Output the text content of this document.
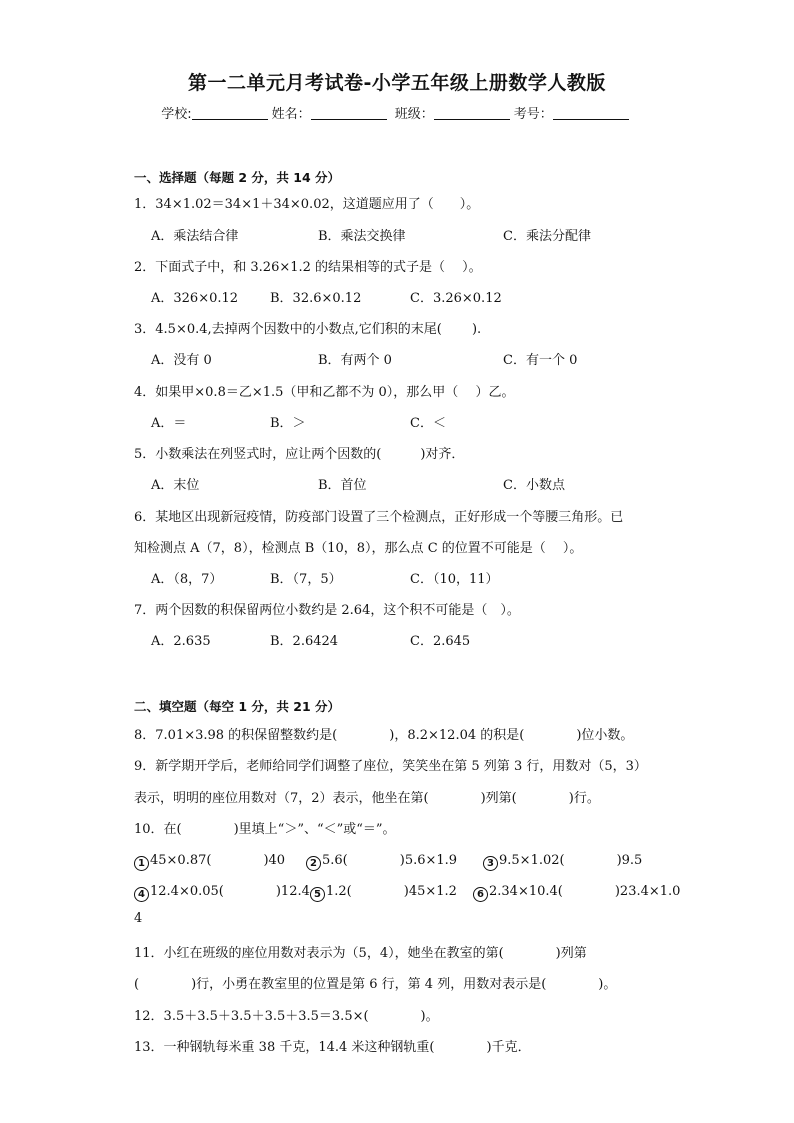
第一二单元月考试卷-小学五年级上册数学人教版
学校:	姓名：	班级：	考号：
一、选择题（每题 2 分，共 14 分）
1．34×1.02＝34×1＋34×0.02，这道题应用了（　　）。
A．乘法结合律	B．乘法交换律	C．乘法分配律
2．下面式子中，和 3.26×1.2 的结果相等的式子是（　 ）。
A．326×0.12 B．32.6×0.12	C．3.26×0.12
3．4.5×0.4,去掉两个因数中的小数点,它们积的末尾(　　 ).
A．没有 0	B．有两个 0	C．有一个 0
4．如果甲×0.8＝乙×1.5（甲和乙都不为 0），那么甲（　 ）乙。
A．＝	B．＞	C．＜
5．小数乘法在列竖式时，应让两个因数的(　　　)对齐．
A．末位	B．首位	C．小数点
6．某地区出现新冠疫情，防疫部门设置了三个检测点，正好形成一个等腰三角形。已
知检测点 A（7，8），检测点 B（10，8），那么点 C 的位置不可能是（　 ）。
A．（8，7）	B．（7，5）	C．（10，11）
7．两个因数的积保留两位小数约是 2.64，这个积不可能是（　）。
A．2.635	B．2.6424	C．2.645
二、填空题（每空 1 分，共 21 分）
8．7.01×3.98 的积保留整数约是(　　　　)，8.2×12.04 的积是(　　　　)位小数。
9．新学期开学后，老师给同学们调整了座位，笑笑坐在第 5 列第 3 行，用数对（5，3）
表示，明明的座位用数对（7，2）表示，他坐在第(　　　　)列第(　　　　)行。
10．在(　　　　)里填上“＞”、“＜”或“＝”。
1 45×0.87(　　　　)40	2 5.6(　　　　)5.6×1.9	3 9.5×1.02(　　　　)9.5
4 12.4×0.05(　　　　)12.4 5 1.2(　　　　)45×1.2	6 2.34×10.4(　　　　)23.4×1.0
4
11．小红在班级的座位用数对表示为（5，4），她坐在教室的第(　　　　)列第
(　　　　)行，小勇在教室里的位置是第 6 行，第 4 列，用数对表示是(　　　　)。
12．3.5＋3.5＋3.5＋3.5＋3.5＝3.5×(　　　　)。
13．一种钢轨每米重 38 千克，14.4 米这种钢轨重(　　　　)千克．
